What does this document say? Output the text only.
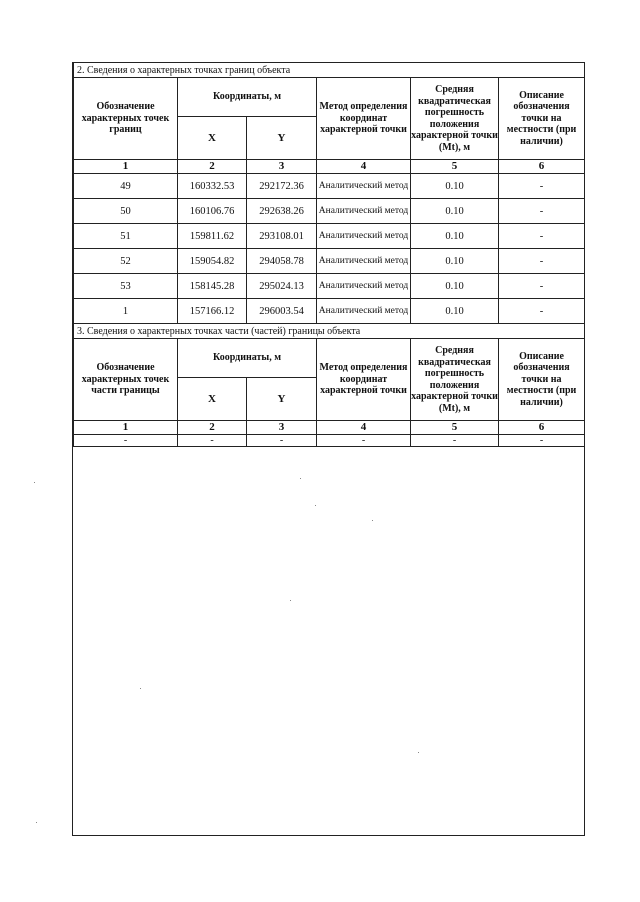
2. Сведения о характерных точках границ объекта					
Обозначение характерных точек границ	Координаты, м		Метод определения координат характерной точки	Средняя квадратическая погрешность положения характерной точки (Mt), м	Описание обозначения точки на местности (при наличии)
	X	Y			
1	2	3	4	5	6
49	160332.53	292172.36	Аналитический метод	0.10	-
50	160106.76	292638.26	Аналитический метод	0.10	-
51	159811.62	293108.01	Аналитический метод	0.10	-
52	159054.82	294058.78	Аналитический метод	0.10	-
53	158145.28	295024.13	Аналитический метод	0.10	-
1	157166.12	296003.54	Аналитический метод	0.10	-
3. Сведения о характерных точках части (частей) границы объекта					
Обозначение характерных точек части границы	Координаты, м		Метод определения координат характерной точки	Средняя квадратическая погрешность положения характерной точки (Mt), м	Описание обозначения точки на местности (при наличии)
	X	Y			
1	2	3	4	5	6
-	-	-	-	-	-
